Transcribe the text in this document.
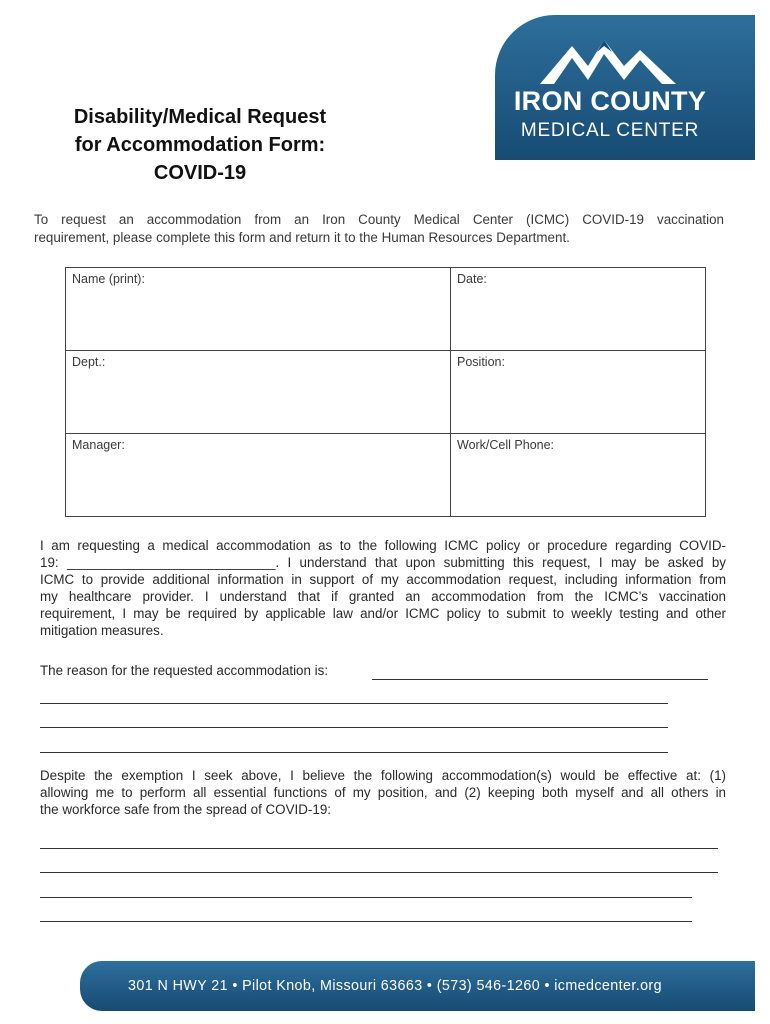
IRON COUNTY
MEDICAL CENTER
Disability/Medical Request
for Accommodation Form:
COVID-19
To request an accommodation from an Iron County Medical Center (ICMC) COVID-19 vaccination
requirement, please complete this form and return it to the Human Resources Department.
Name (print):	Date:
Dept.:	Position:
Manager:	Work/Cell Phone:
I am requesting a medical accommodation as to the following ICMC policy or procedure regarding COVID-
19: ____________________________. I understand that upon submitting this request, I may be asked by
ICMC to provide additional information in support of my accommodation request, including information from
my healthcare provider. I understand that if granted an accommodation from the ICMC’s vaccination
requirement, I may be required by applicable law and/or ICMC policy to submit to weekly testing and other
mitigation measures.
The reason for the requested accommodation is:
Despite the exemption I seek above, I believe the following accommodation(s) would be effective at: (1)
allowing me to perform all essential functions of my position, and (2) keeping both myself and all others in
the workforce safe from the spread of COVID-19:
301 N HWY 21 • Pilot Knob, Missouri 63663 • (573) 546-1260 • icmedcenter.org
